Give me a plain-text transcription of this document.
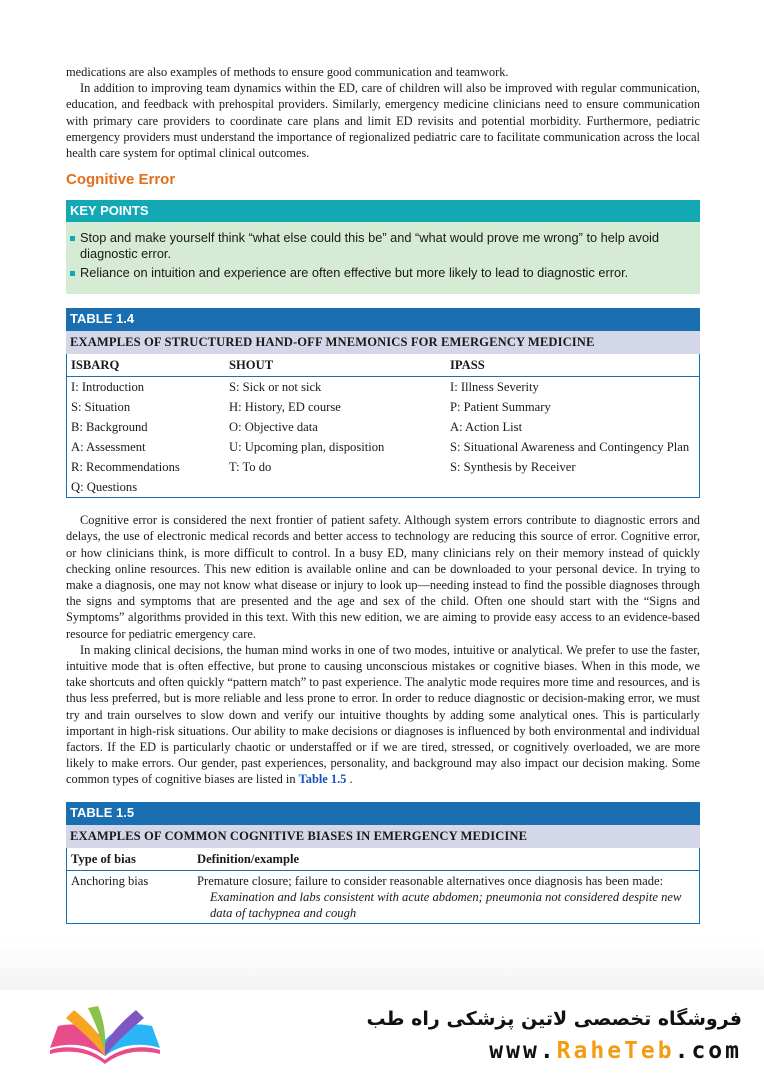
medications are also examples of methods to ensure good communication and teamwork.

In addition to improving team dynamics within the ED, care of children will also be improved with regular communication, education, and feedback with prehospital providers. Similarly, emergency medicine clinicians need to ensure communication with primary care providers to coordinate care plans and limit ED revisits and potential morbidity. Furthermore, pediatric emergency providers must understand the importance of regionalized pediatric care to facilitate communication across the local health care system for optimal clinical outcomes.

Cognitive Error
KEY POINTS
Stop and make yourself think “what else could this be” and “what would prove me wrong” to help avoid diagnostic error.
Reliance on intuition and experience are often effective but more likely to lead to diagnostic error.
TABLE 1.4
EXAMPLES OF STRUCTURED HAND-OFF MNEMONICS FOR EMERGENCY MEDICINE
ISBARQ	SHOUT	IPASS
I: Introduction	S: Sick or not sick	I: Illness Severity
S: Situation	H: History, ED course	P: Patient Summary
B: Background	O: Objective data	A: Action List
A: Assessment	U: Upcoming plan, disposition	S: Situational Awareness and Contingency Plan

R: Recommendations	T: To do	S: Synthesis by Receiver
Q: Questions		

Cognitive error is considered the next frontier of patient safety. Although system errors contribute to diagnostic errors and delays, the use of electronic medical records and better access to technology are reducing this source of error. Cognitive error, or how clinicians think, is more difficult to control. In a busy ED, many clinicians rely on their memory instead of quickly checking online resources. This new edition is available online and can be downloaded to your personal device. In trying to make a diagnosis, one may not know what disease or injury to look up—needing instead to find the possible diagnoses through the signs and symptoms that are presented and the age and sex of the child. Often one should start with the “Signs and Symptoms” algorithms provided in this text. With this new edition, we are aiming to provide easy access to an evidence-based resource for pediatric emergency care.

In making clinical decisions, the human mind works in one of two modes, intuitive or analytical. We prefer to use the faster, intuitive mode that is often effective, but prone to causing unconscious mistakes or cognitive biases. When in this mode, we take shortcuts and often quickly “pattern match” to past experience. The analytic mode requires more time and resources, and is thus less preferred, but is more reliable and less prone to error. In order to reduce diagnostic or decision-making error, we must try and train ourselves to slow down and verify our intuitive thoughts by adding some analytical ones. This is particularly important in high-risk situations. Our ability to make decisions or diagnoses is influenced by both environmental and individual factors. If the ED is particularly chaotic or understaffed or if we are tired, stressed, or cognitively overloaded, we are more likely to make errors. Our gender, past experiences, personality, and background may also impact our decision making. Some common types of cognitive biases are listed in Table 1.5 .

TABLE 1.5
EXAMPLES OF COMMON COGNITIVE BIASES IN EMERGENCY MEDICINE
Type of bias	Definition/example
Anchoring bias	Premature closure; failure to consider reasonable alternatives once diagnosis has been made: Examination and labs consistent with acute abdomen; pneumonia not considered despite new data of tachypnea and cough
فروشگاه تخصصی لاتین پزشکی راه طب
www.RaheTeb.com
